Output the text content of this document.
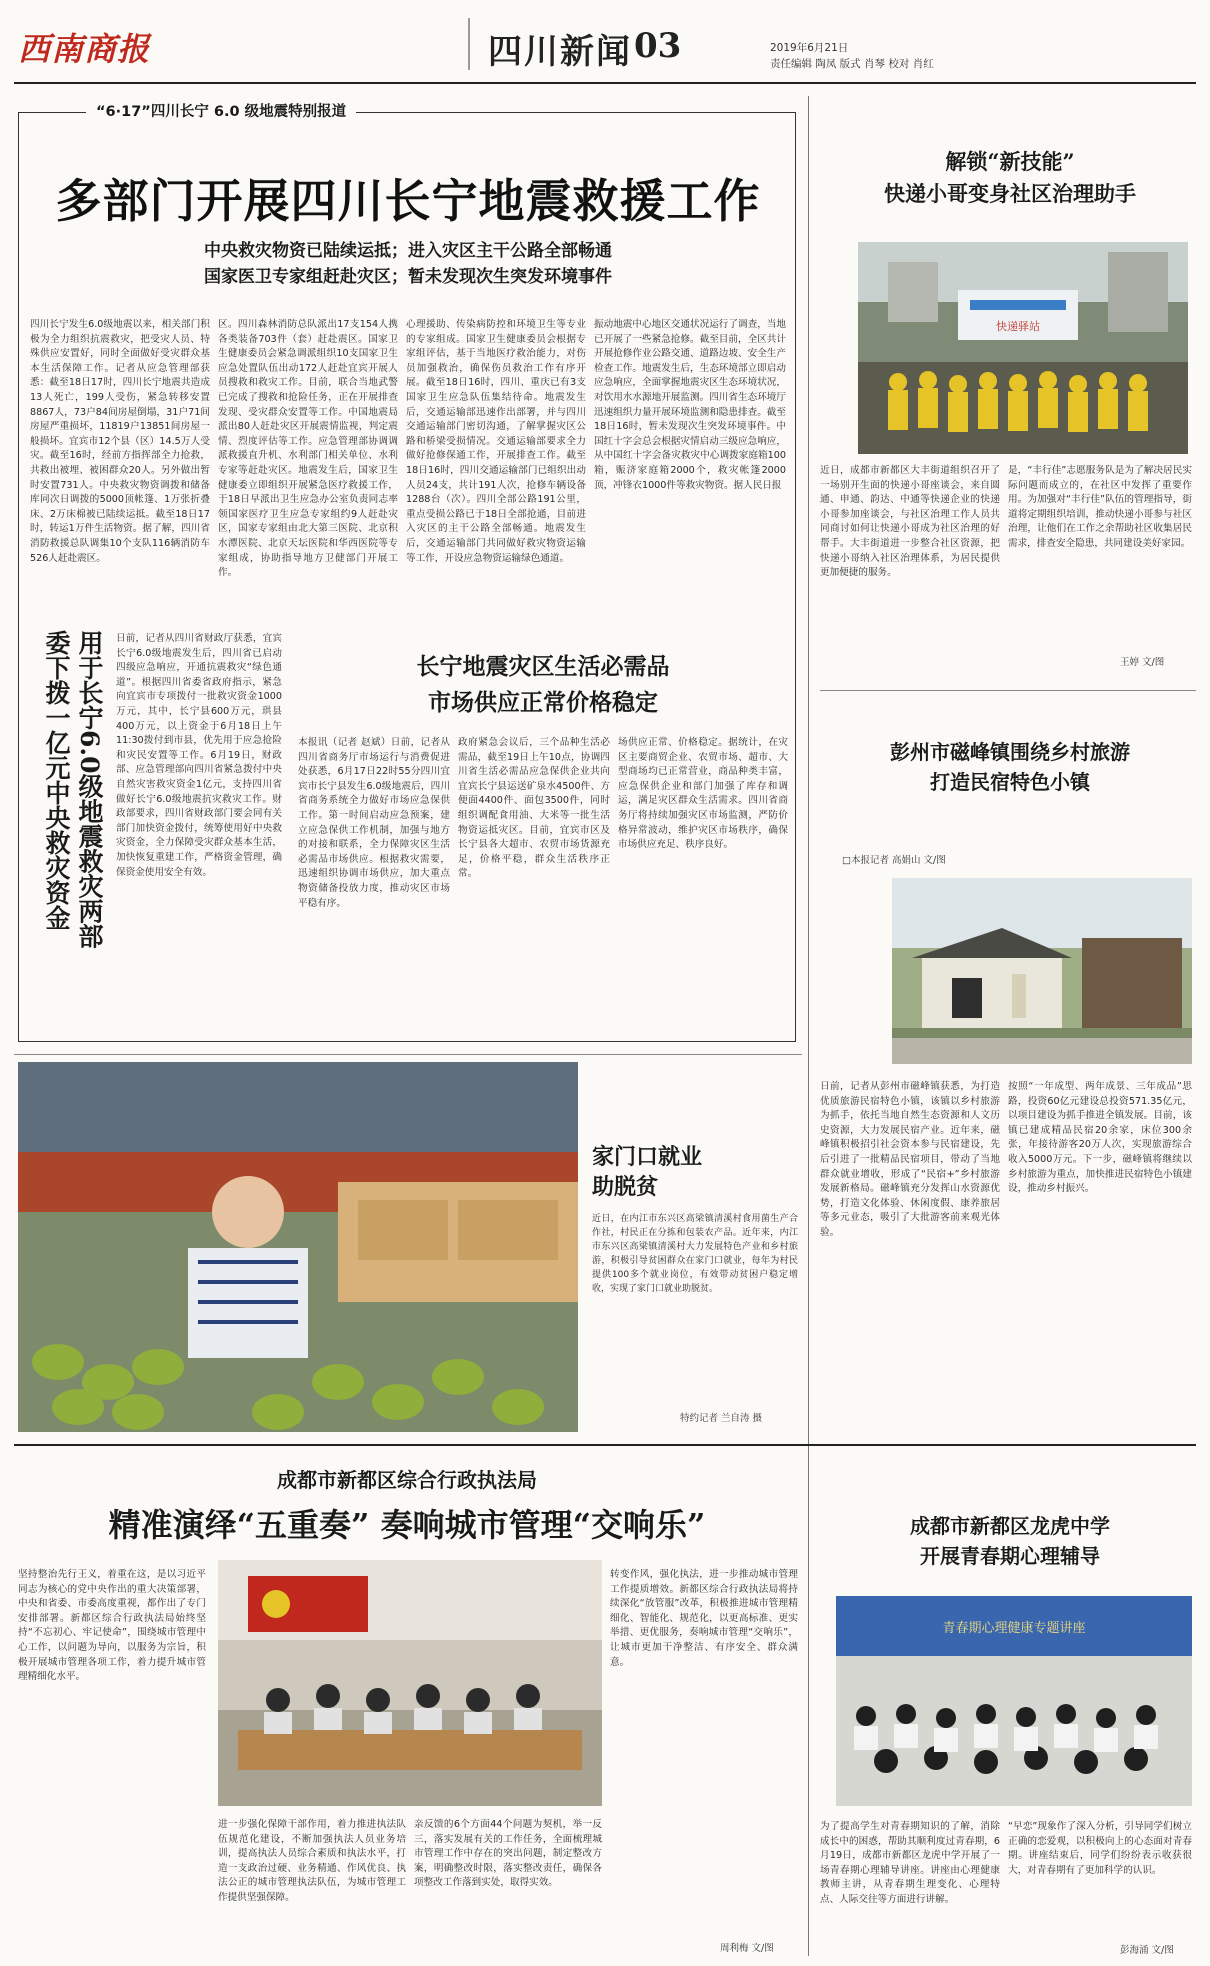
西南商报	四川新闻 03	2019年6月21日
责任编辑 陶凤 版式 肖琴 校对 肖红
“6·17”四川长宁 6.0 级地震特别报道
多部门开展四川长宁地震救援工作
中央救灾物资已陆续运抵；进入灾区主干公路全部畅通
国家医卫专家组赶赴灾区；暂未发现次生突发环境事件
四川长宁发生6.0级地震以来，相关部门积极为全力组织抗震救灾，把受灾人员、特殊供应安置好，同时全面做好受灾群众基本生活保障工作。记者从应急管理部获悉：截至18日17时，四川长宁地震共造成13人死亡，199人受伤，紧急转移安置8867人，73户84间房屋倒塌，31户71间房屋严重损坏，11819户13851间房屋一般损坏。宜宾市12个县（区）14.5万人受灾。截至16时，经前方指挥部全力抢救，共救出被埋、被困群众20人。另外做出暂时安置731人。中央救灾物资调拨和储备库同次日调拨的5000顶帐篷、1万张折叠床、2万床棉被已陆续运抵。截至18日17时，转运1万件生活物资。据了解，四川省消防救援总队调集10个支队116辆消防车526人赶赴震区。
区。四川森林消防总队派出17支154人携各类装备703件（套）赶赴震区。国家卫生健康委员会紧急调派组织10支国家卫生应急处置队伍出动172人赶赴宜宾开展人员搜救和救灾工作。目前，联合当地武警已完成了搜救和抢险任务，正在开展排查发现、受灾群众安置等工作。中国地震局派出80人赶赴灾区开展震情监视，判定震情、烈度评估等工作。应急管理部协调调派救援直升机、水利部门相关单位、水利专家等赶赴灾区。地震发生后，国家卫生健康委立即组织开展紧急医疗救援工作，于18日早派出卫生应急办公室负责同志率领国家医疗卫生应急专家组约9人赶赴灾区，国家专家组由北大第三医院、北京积水潭医院、北京天坛医院和华西医院等专家组成，协助指导地方卫健部门开展工作。
心理援助、传染病防控和环境卫生等专业的专家组成。国家卫生健康委员会根据专家组评估，基于当地医疗救治能力，对伤员加强救治，确保伤员救治工作有序开展。截至18日16时，四川、重庆已有3支国家卫生应急队伍集结待命。地震发生后，交通运输部迅速作出部署，并与四川交通运输部门密切沟通，了解掌握灾区公路和桥梁受损情况。交通运输部要求全力做好抢修保通工作，开展排查工作。截至18日16时，四川交通运输部门已组织出动人员24支，共计191人次，抢修车辆设备1288台（次）。四川全部公路191公里，重点受损公路已于18日全部抢通，目前进入灾区的主干公路全部畅通。地震发生后，交通运输部门共同做好救灾物资运输等工作，开设应急物资运输绿色通道。
振动地震中心地区交通状况运行了调查，当地已开展了一些紧急抢修。截至目前，全区共计开展抢修作业公路交通、道路边坡、安全生产检查工作。地震发生后，生态环境部立即启动应急响应，全面掌握地震灾区生态环境状况，对饮用水水源地开展监测。四川省生态环境厅迅速组织力量开展环境监测和隐患排查。截至18日16时，暂未发现次生突发环境事件。中国红十字会总会根据灾情启动三级应急响应，从中国红十字会备灾救灾中心调拨家庭箱100箱，赈济家庭箱2000个，救灾帐篷2000顶，冲锋衣1000件等救灾物资。据人民日报
用于长宁6.0级地震救灾两部委下拨一亿元中央救灾资金	日前，记者从四川省财政厅获悉，宜宾长宁6.0级地震发生后，四川省已启动四级应急响应，开通抗震救灾“绿色通道”。根据四川省委省政府指示，紧急向宜宾市专项拨付一批救灾资金1000万元，其中，长宁县600万元，珙县400万元，以上资金于6月18日上午11:30拨付到市县，优先用于应急抢险和灾民安置等工作。6月19日，财政部、应急管理部向四川省紧急拨付中央自然灾害救灾资金1亿元，支持四川省做好长宁6.0级地震抗灾救灾工作。财政部要求，四川省财政部门要会同有关部门加快资金拨付，统筹使用好中央救灾资金，全力保障受灾群众基本生活，加快恢复重建工作，严格资金管理，确保资金使用安全有效。
长宁地震灾区生活必需品
市场供应正常价格稳定
本报讯（记者 赵斌）日前，记者从四川省商务厅市场运行与消费促进处获悉，6月17日22时55分四川宜宾市长宁县发生6.0级地震后，四川省商务系统全力做好市场应急保供工作。第一时间启动应急预案，建立应急保供工作机制，加强与地方的对接和联系，全力保障灾区生活必需品市场供应。根据救灾需要，迅速组织协调市场供应，加大重点物资储备投放力度，推动灾区市场平稳有序。
政府紧急会议后，三个品种生活必需品，截至19日上午10点，协调四川省生活必需品应急保供企业共向宜宾长宁县运送矿泉水4500件、方便面4400件、面包3500件，同时组织调配食用油、大米等一批生活物资运抵灾区。目前，宜宾市区及长宁县各大超市、农贸市场货源充足，价格平稳，群众生活秩序正常。
场供应正常、价格稳定。据统计，在灾区主要商贸企业、农贸市场、超市、大型商场均已正常营业，商品种类丰富，应急保供企业和部门加强了库存和调运，满足灾区群众生活需求。四川省商务厅将持续加强灾区市场监测，严防价格异常波动，维护灾区市场秩序，确保市场供应充足、秩序良好。
解锁“新技能”
快递小哥变身社区治理助手
快递驿站
近日，成都市新都区大丰街道组织召开了一场别开生面的快递小哥座谈会，来自圆通、申通、韵达、中通等快递企业的快递小哥参加座谈会，与社区治理工作人员共同商讨如何让快递小哥成为社区治理的好帮手。大丰街道进一步整合社区资源，把快递小哥纳入社区治理体系，为居民提供更加便捷的服务。
是，“丰行佳”志愿服务队是为了解决居民实际问题而成立的，在社区中发挥了重要作用。为加强对“丰行佳”队伍的管理指导，街道将定期组织培训，推动快递小哥参与社区治理，让他们在工作之余帮助社区收集居民需求，排查安全隐患，共同建设美好家园。
王婷 文/图
彭州市磁峰镇围绕乡村旅游
打造民宿特色小镇
□本报记者 高娟山 文/图
日前，记者从彭州市磁峰镇获悉，为打造优质旅游民宿特色小镇，该镇以乡村旅游为抓手，依托当地自然生态资源和人文历史资源，大力发展民宿产业。近年来，磁峰镇积极招引社会资本参与民宿建设，先后引进了一批精品民宿项目，带动了当地群众就业增收，形成了“民宿+”乡村旅游发展新格局。磁峰镇充分发挥山水资源优势，打造文化体验、休闲度假、康养旅居等多元业态，吸引了大批游客前来观光体验。
按照“一年成型、两年成景、三年成品”思路，投资60亿元建设总投资571.35亿元，以项目建设为抓手推进全镇发展。目前，该镇已建成精品民宿20余家，床位300余张，年接待游客20万人次，实现旅游综合收入5000万元。下一步，磁峰镇将继续以乡村旅游为重点，加快推进民宿特色小镇建设，推动乡村振兴。
家门口就业
助脱贫
近日，在内江市东兴区高梁镇清溪村食用菌生产合作社，村民正在分拣和包装农产品。近年来，内江市东兴区高梁镇清溪村大力发展特色产业和乡村旅游，积极引导贫困群众在家门口就业，每年为村民提供100多个就业岗位，有效带动贫困户稳定增收，实现了家门口就业助脱贫。
特约记者 兰自涛 摄
成都市新都区综合行政执法局
精准演绎“五重奏” 奏响城市管理“交响乐”
坚持整治先行王义，着重在这，是以习近平同志为核心的党中央作出的重大决策部署，中央和省委、市委高度重视，都作出了专门安排部署。新都区综合行政执法局始终坚持“不忘初心、牢记使命”，围绕城市管理中心工作，以问题为导向，以服务为宗旨，积极开展城市管理各项工作，着力提升城市管理精细化水平。
进一步强化保障干部作用，着力推进执法队伍规范化建设，不断加强执法人员业务培训，提高执法人员综合素质和执法水平，打造一支政治过硬、业务精通、作风优良、执法公正的城市管理执法队伍，为城市管理工作提供坚强保障。
亲反馈的6个方面44个问题为契机，举一反三，落实发展有关的工作任务，全面梳理城市管理工作中存在的突出问题，制定整改方案，明确整改时限，落实整改责任，确保各项整改工作落到实处，取得实效。
转变作风，强化执法，进一步推动城市管理工作提质增效。新都区综合行政执法局将持续深化“放管服”改革，积极推进城市管理精细化、智能化、规范化，以更高标准、更实举措、更优服务，奏响城市管理“交响乐”，让城市更加干净整洁、有序安全、群众满意。
周利梅 文/图
成都市新都区龙虎中学
开展青春期心理辅导
青春期心理健康专题讲座
为了提高学生对青春期知识的了解，消除成长中的困惑，帮助其顺利度过青春期，6月19日，成都市新都区龙虎中学开展了一场青春期心理辅导讲座。讲座由心理健康教师主讲，从青春期生理变化、心理特点、人际交往等方面进行讲解。
“早恋”现象作了深入分析，引导同学们树立正确的恋爱观，以积极向上的心态面对青春期。讲座结束后，同学们纷纷表示收获很大，对青春期有了更加科学的认识。
彭海涌 文/图
